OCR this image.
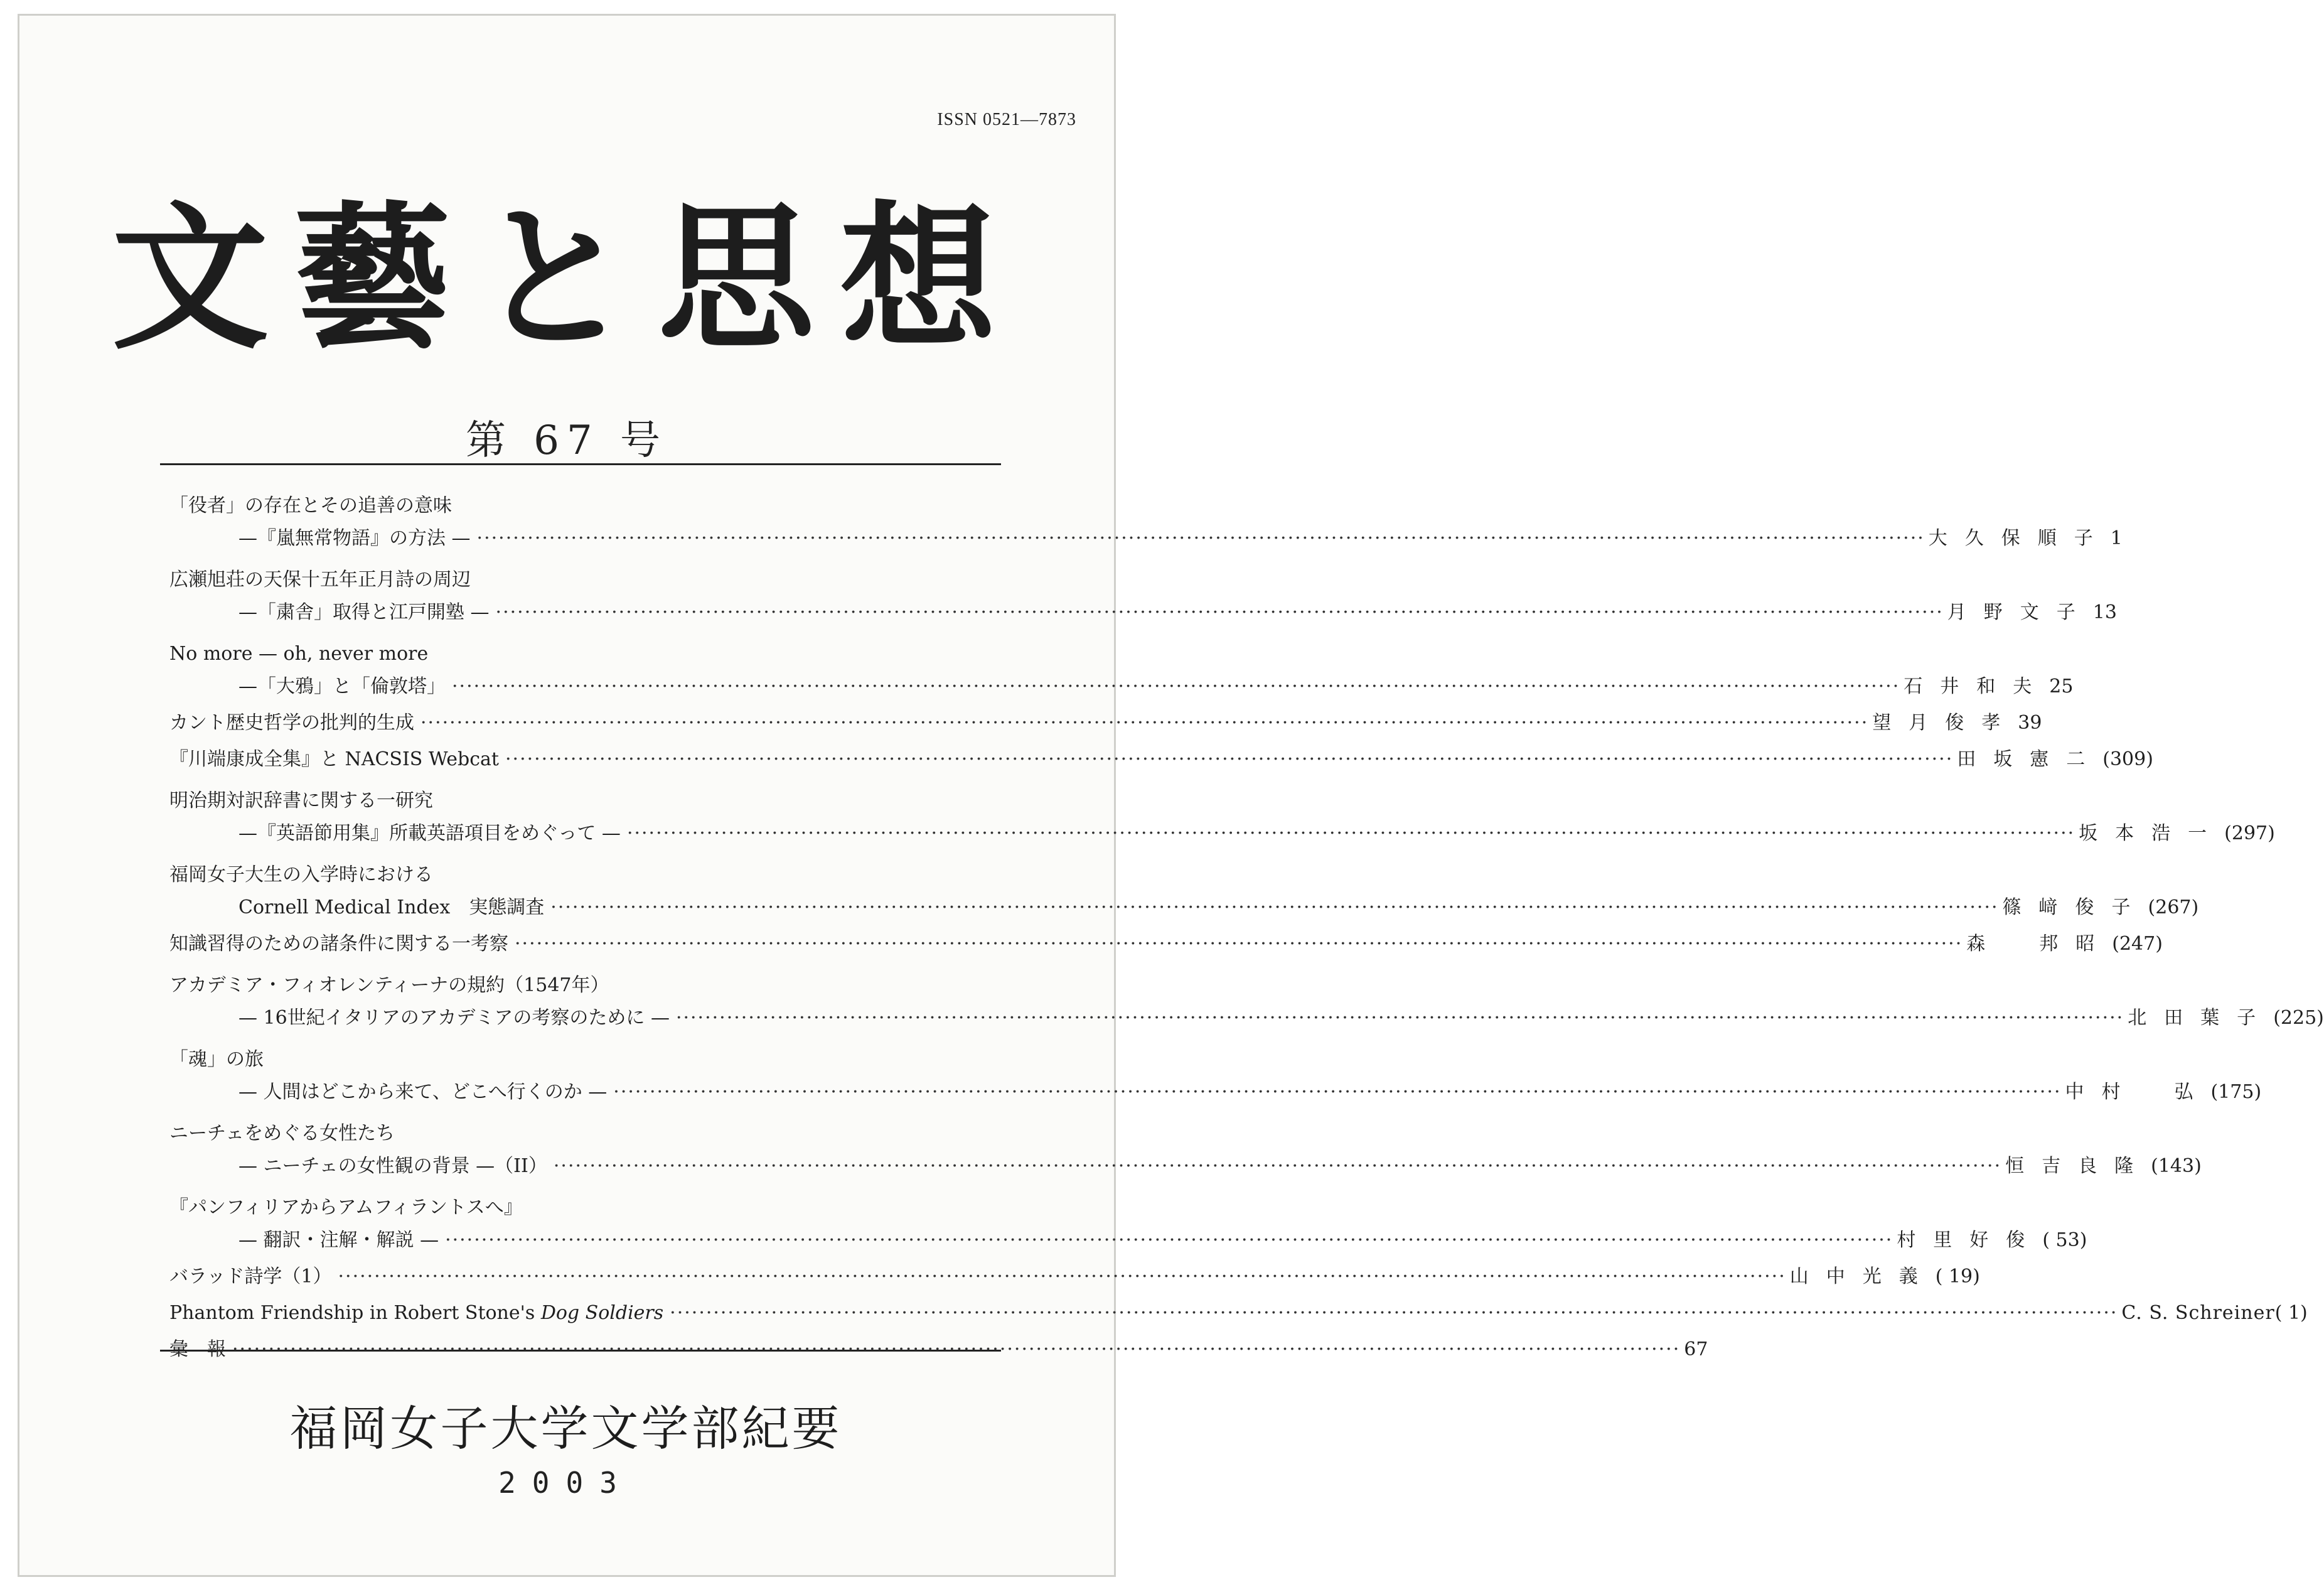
ISSN 0521—7873
文藝と思想
第 67 号
「役者」の存在とその追善の意味
—『嵐無常物語』の方法 — ········································································································································································································ 大久保順子 1
広瀬旭荘の天保十五年正月詩の周辺
—「粛舎」取得と江戸開塾 — ········································································································································································································ 月野文子 13
No more — oh, never more
—「大鴉」と「倫敦塔」 ········································································································································································································ 石井和夫 25
カント歴史哲学の批判的生成 ········································································································································································································ 望月俊孝 39
『川端康成全集』と NACSIS Webcat ········································································································································································································ 田坂憲二 (309)
明治期対訳辞書に関する一研究
—『英語節用集』所載英語項目をめぐって — ········································································································································································································ 坂本浩一 (297)
福岡女子大生の入学時における
Cornell Medical Index　実態調査 ········································································································································································································ 篠﨑俊子 (267)
知識習得のための諸条件に関する一考察 ········································································································································································································ 森　邦昭 (247)
アカデミア・フィオレンティーナの規約（1547年）
— 16世紀イタリアのアカデミアの考察のために — ········································································································································································································ 北田葉子 (225)
「魂」の旅
— 人間はどこから来て、どこへ行くのか — ········································································································································································································ 中村　弘 (175)
ニーチェをめぐる女性たち
— ニーチェの女性観の背景 —（II） ········································································································································································································ 恒吉良隆 (143)
『パンフィリアからアムフィラントスへ』
— 翻訳・注解・解説 — ········································································································································································································ 村里好俊 ( 53)
バラッド詩学（1） ········································································································································································································ 山中光義 ( 19)
Phantom Friendship in Robert Stone's Dog Soldiers ········································································································································································································ C. S. Schreiner ( 1)
彙　報 ········································································································································································································ 67
福岡女子大学文学部紀要
2003
